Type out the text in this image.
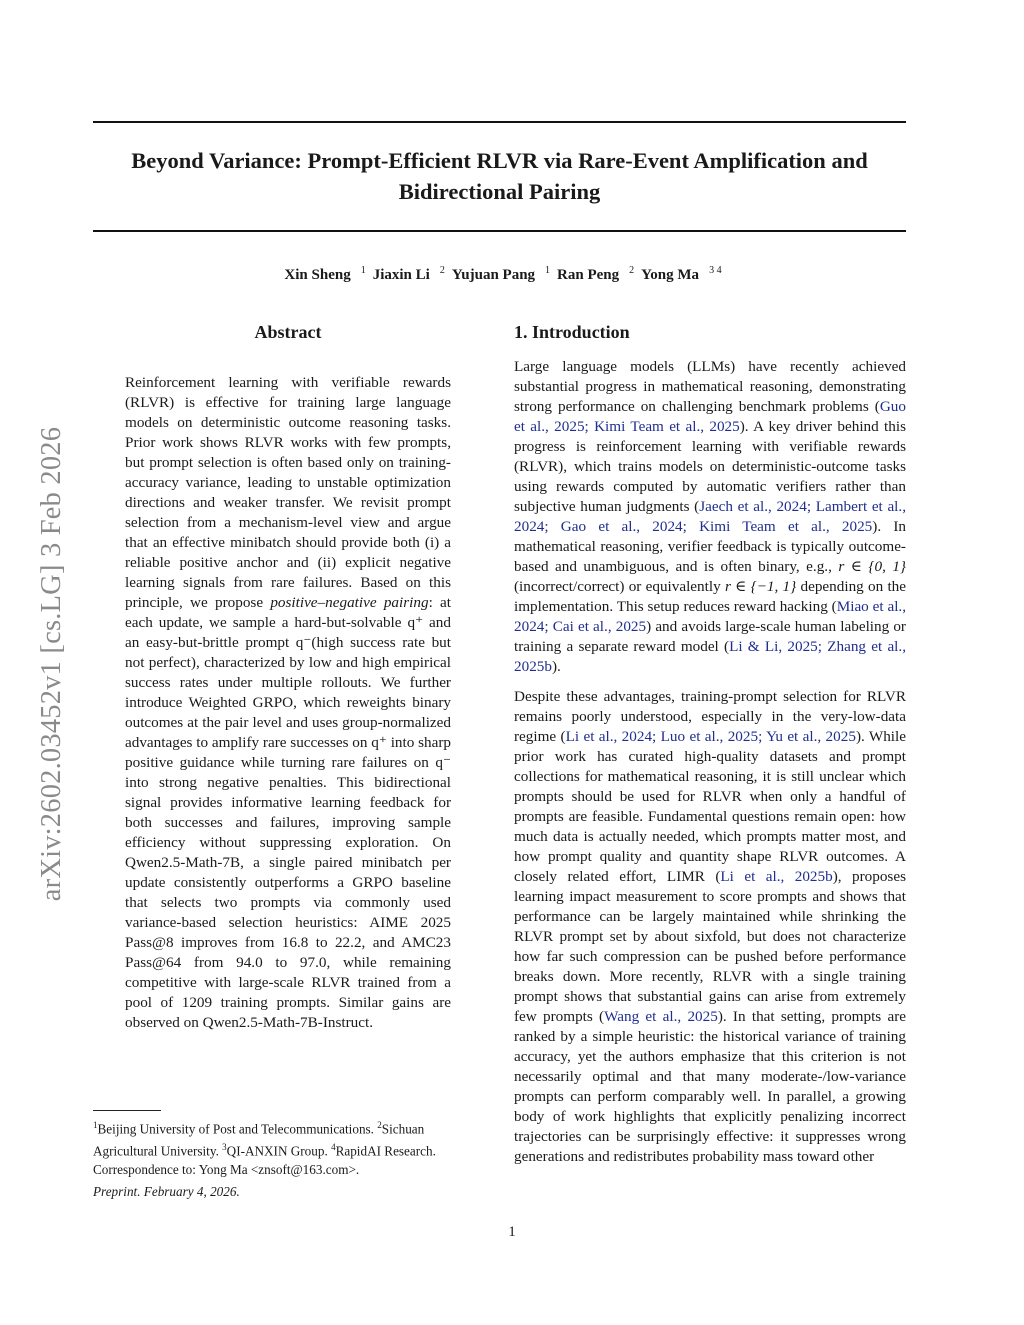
Beyond Variance: Prompt-Efficient RLVR via Rare-Event Amplification and Bidirectional Pairing
Xin Sheng $^1$ Jiaxin Li $^2$ Yujuan Pang $^1$ Ran Peng $^2$ Yong Ma $^{3 4}$
arXiv:2602.03452v1 [cs.LG] 3 Feb 2026
Abstract
Reinforcement learning with verifiable rewards (RLVR) is effective for training large language models on deterministic outcome reasoning tasks. Prior work shows RLVR works with few prompts, but prompt selection is often based only on training-accuracy variance, leading to unstable optimization directions and weaker transfer. We revisit prompt selection from a mechanism-level view and argue that an effective minibatch should provide both (i) a reliable positive anchor and (ii) explicit negative learning signals from rare failures. Based on this principle, we propose positive–negative pairing: at each update, we sample a hard-but-solvable q⁺ and an easy-but-brittle prompt q⁻(high success rate but not perfect), characterized by low and high empirical success rates under multiple rollouts. We further introduce Weighted GRPO, which reweights binary outcomes at the pair level and uses group-normalized advantages to amplify rare successes on q⁺ into sharp positive guidance while turning rare failures on q⁻ into strong negative penalties. This bidirectional signal provides informative learning feedback for both successes and failures, improving sample efficiency without suppressing exploration. On Qwen2.5-Math-7B, a single paired minibatch per update consistently outperforms a GRPO baseline that selects two prompts via commonly used variance-based selection heuristics: AIME 2025 Pass@8 improves from 16.8 to 22.2, and AMC23 Pass@64 from 94.0 to 97.0, while remaining competitive with large-scale RLVR trained from a pool of 1209 training prompts. Similar gains are observed on Qwen2.5-Math-7B-Instruct.
$^1$Beijing University of Post and Telecommunications. $^2$Sichuan Agricultural University. $^3$QI-ANXIN Group. $^4$RapidAI Research.
Correspondence to: Yong Ma <znsoft@163.com>.
Preprint. February 4, 2026.
1. Introduction

Large language models (LLMs) have recently achieved substantial progress in mathematical reasoning, demonstrating strong performance on challenging benchmark problems (Guo et al., 2025; Kimi Team et al., 2025). A key driver behind this progress is reinforcement learning with verifiable rewards (RLVR), which trains models on deterministic-outcome tasks using rewards computed by automatic verifiers rather than subjective human judgments (Jaech et al., 2024; Lambert et al., 2024; Gao et al., 2024; Kimi Team et al., 2025). In mathematical reasoning, verifier feedback is typically outcome-based and unambiguous, and is often binary, e.g., r ∈ {0, 1} (incorrect/correct) or equivalently r ∈ {−1, 1} depending on the implementation. This setup reduces reward hacking (Miao et al., 2024; Cai et al., 2025) and avoids large-scale human labeling or training a separate reward model (Li & Li, 2025; Zhang et al., 2025b).

Despite these advantages, training-prompt selection for RLVR remains poorly understood, especially in the very-low-data regime (Li et al., 2024; Luo et al., 2025; Yu et al., 2025). While prior work has curated high-quality datasets and prompt collections for mathematical reasoning, it is still unclear which prompts should be used for RLVR when only a handful of prompts are feasible. Fundamental questions remain open: how much data is actually needed, which prompts matter most, and how prompt quality and quantity shape RLVR outcomes. A closely related effort, LIMR (Li et al., 2025b), proposes learning impact measurement to score prompts and shows that performance can be largely maintained while shrinking the RLVR prompt set by about sixfold, but does not characterize how far such compression can be pushed before performance breaks down. More recently, RLVR with a single training prompt shows that substantial gains can arise from extremely few prompts (Wang et al., 2025). In that setting, prompts are ranked by a simple heuristic: the historical variance of training accuracy, yet the authors emphasize that this criterion is not necessarily optimal and that many moderate-/low-variance prompts can perform comparably well. In parallel, a growing body of work highlights that explicitly penalizing incorrect trajectories can be surprisingly effective: it suppresses wrong generations and redistributes probability mass toward other

1
